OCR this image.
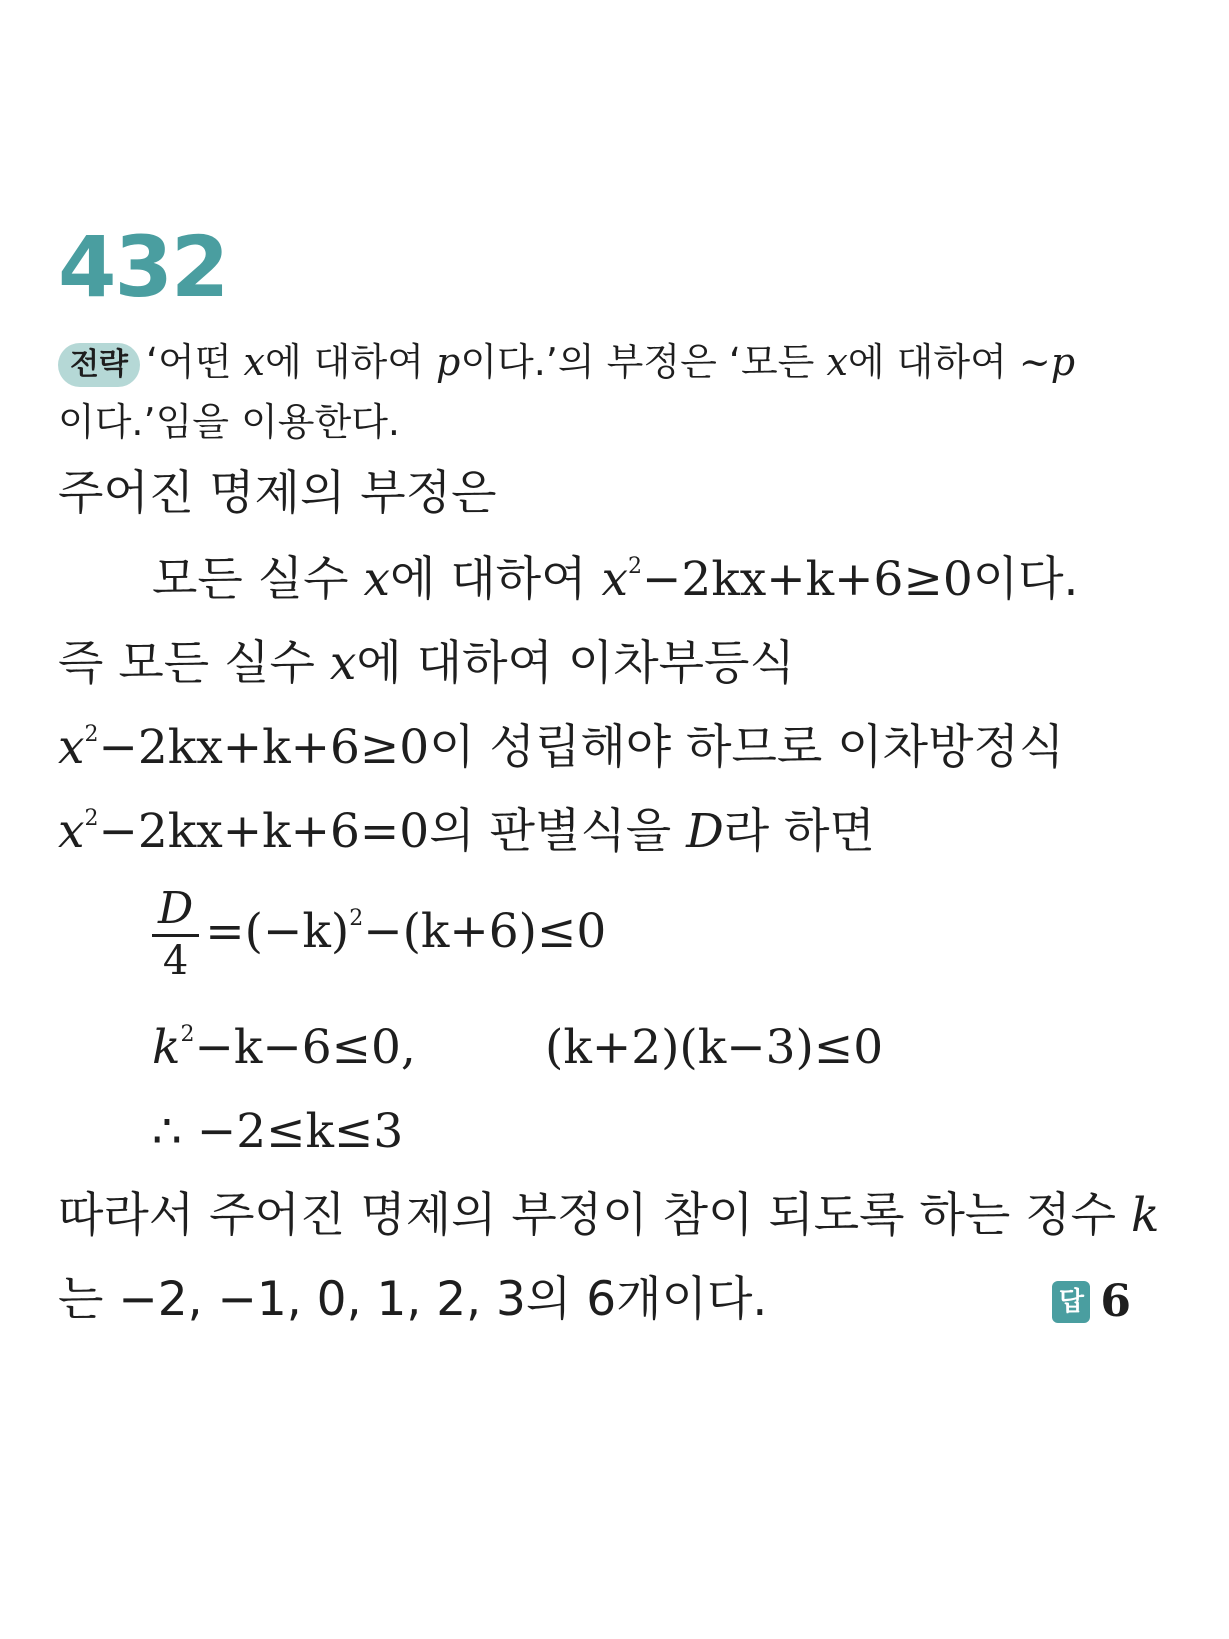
432
전략 ‘어떤 x에 대하여 p이다.’의 부정은 ‘모든 x에 대하여 ~p
이다.’임을 이용한다.
주어진 명제의 부정은
모든 실수 x에 대하여 $x^2-2kx+k+6\ge 0$이다.
즉 모든 실수 x에 대하여 이차부등식
$x^2-2kx+k+6\ge 0$이 성립해야 하므로 이차방정식
$x^2-2kx+k+6=0$의 판별식을 D라 하면
$\frac{D}{4} =(-k)^2-(k+6)\le 0$
$k^2-k-6\le 0$,	(k+2)(k−3)≤0
∴ −2≤k≤3
따라서 주어진 명제의 부정이 참이 되도록 하는 정수 k
는 −2, −1, 0, 1, 2, 3의 6개이다.	답 6
